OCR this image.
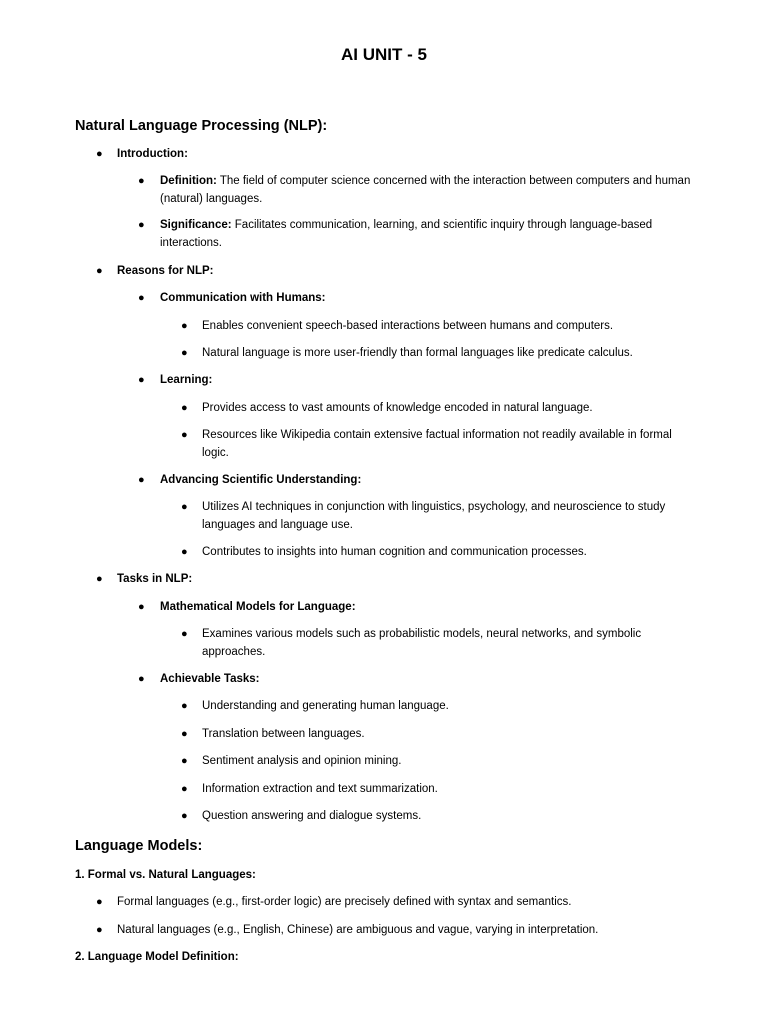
AI UNIT - 5
Natural Language Processing (NLP):
● Introduction:
● Definition: The field of computer science concerned with the interaction between computers and human (natural) languages.
● Significance: Facilitates communication, learning, and scientific inquiry through language-based interactions.
● Reasons for NLP:
● Communication with Humans:
● Enables convenient speech-based interactions between humans and computers.
● Natural language is more user-friendly than formal languages like predicate calculus.
● Learning:
● Provides access to vast amounts of knowledge encoded in natural language.
● Resources like Wikipedia contain extensive factual information not readily available in formal logic.
● Advancing Scientific Understanding:
● Utilizes AI techniques in conjunction with linguistics, psychology, and neuroscience to study languages and language use.
● Contributes to insights into human cognition and communication processes.
● Tasks in NLP:
● Mathematical Models for Language:
● Examines various models such as probabilistic models, neural networks, and symbolic approaches.
● Achievable Tasks:
● Understanding and generating human language.
● Translation between languages.
● Sentiment analysis and opinion mining.
● Information extraction and text summarization.
● Question answering and dialogue systems.
Language Models:
1. Formal vs. Natural Languages:
● Formal languages (e.g., first-order logic) are precisely defined with syntax and semantics.
● Natural languages (e.g., English, Chinese) are ambiguous and vague, varying in interpretation.
2. Language Model Definition:
